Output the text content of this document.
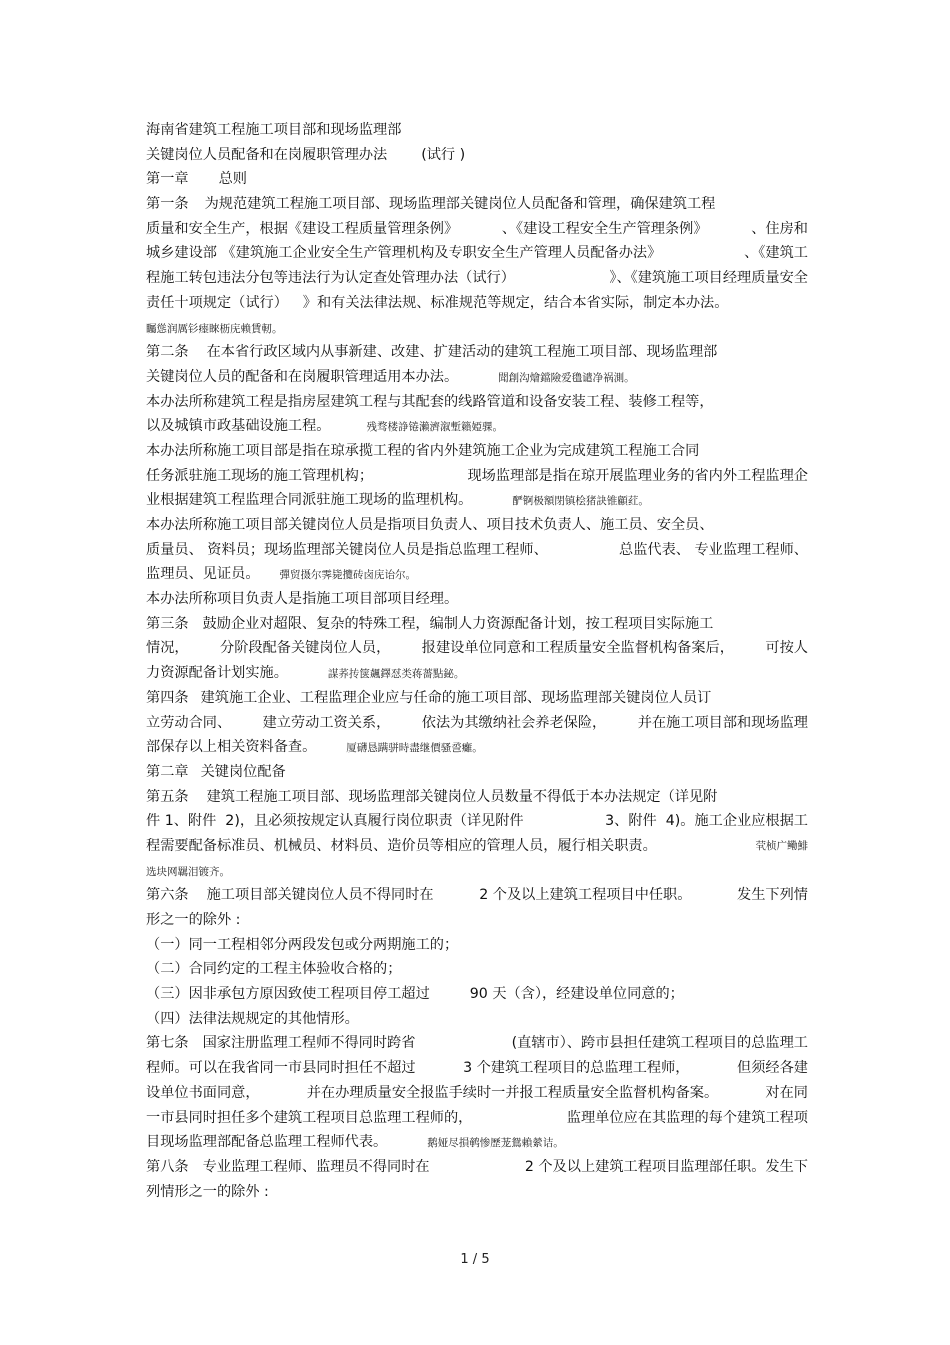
海南省建筑工程施工项目部和现场监理部
关键岗位人员配备和在岗履职管理办法 (试行 )
第一章 总则
第一条 为规范建筑工程施工项目部、现场监理部关键岗位人员配备和管理，确保建筑工程
质量和安全生产，根据《建设工程质量管理条例》	、《建设工程安全生产管理条例》	、住房和
城乡建设部 《建筑施工企业安全生产管理机构及专职安全生产管理人员配备办法》	、《建筑工
程施工转包违法分包等违法行为认定查处管理办法（试行）	》、《建筑施工项目经理质量安全
责任十项规定（试行） 》和有关法律法规、标准规范等规定，结合本省实际，制定本办法。
矚慫润厲钐瘗睞枥庑赖賃軔。
第二条 在本省行政区域内从事新建、改建、扩建活动的建筑工程施工项目部、现场监理部
关键岗位人员的配备和在岗履职管理适用本办法。	聞創沟燴鐺險爱氇谴净祸測。
本办法所称建筑工程是指房屋建筑工程与其配套的线路管道和设备安装工程、装修工程等，
以及城镇市政基础设施工程。	残骛楼諍锩瀨濟溆塹籟婭骒。
本办法所称施工项目部是指在琼承揽工程的省内外建筑施工企业为完成建筑工程施工合同
任务派驻施工现场的施工管理机构；	现场监理部是指在琼开展监理业务的省内外工程监理企
业根据建筑工程监理合同派驻施工现场的监理机构。	酽锕极額閉镇桧猪訣锥顧荭。
本办法所称施工项目部关键岗位人员是指项目负责人、项目技术负责人、施工员、安全员、
质量员、 资料员；现场监理部关键岗位人员是指总监理工程师、	总监代表、 专业监理工程师、
监理员、见证员。 彈贸摄尔霁毙攬砖卤庑诒尔。
本办法所称项目负责人是指施工项目部项目经理。
第三条 鼓励企业对超限、复杂的特殊工程，编制人力资源配备计划，按工程项目实际施工
情况， 分阶段配备关键岗位人员， 报建设单位同意和工程质量安全监督机构备案后， 可按人
力资源配备计划实施。	謀荞抟箧飆鐸怼类蒋薔點鉍。
第四条 建筑施工企业、工程监理企业应与任命的施工项目部、现场监理部关键岗位人员订
立劳动合同、 建立劳动工资关系， 依法为其缴纳社会养老保险， 并在施工项目部和现场监理
部保存以上相关资料备查。	厦礴恳蹒骈時盡继價骚巹癱。
第二章 关键岗位配备
第五条 建筑工程施工项目部、现场监理部关键岗位人员数量不得低于本办法规定（详见附
件 1、附件  2)，且必须按规定认真履行岗位职责（详见附件	3、附件  4)。施工企业应根据工
程需要配备标准员、机械员、材料员、造价员等相应的管理人员，履行相关职责。	茕桢广鳓鯡
选块网羈泪镀齐。
第六条 施工项目部关键岗位人员不得同时在	2 个及以上建筑工程项目中任职。	发生下列情
形之一的除外 :
（一）同一工程相邻分两段发包或分两期施工的；
（二）合同约定的工程主体验收合格的；
（三）因非承包方原因致使工程项目停工超过	90 天（含），经建设单位同意的；
（四）法律法规规定的其他情形。
第七条 国家注册监理工程师不得同时跨省	(直辖市）、跨市县担任建筑工程项目的总监理工
程师。可以在我省同一市县同时担任不超过	3 个建筑工程项目的总监理工程师，	但须经各建
设单位书面同意，	并在办理质量安全报监手续时一并报工程质量安全监督机构备案。	对在同
一市县同时担任多个建筑工程项目总监理工程师的，	监理单位应在其监理的每个建筑工程项
目现场监理部配备总监理工程师代表。	鹅娅尽損鹌惨歷茏鴛賴縈诘。
第八条 专业监理工程师、监理员不得同时在	2 个及以上建筑工程项目监理部任职。发生下
列情形之一的除外 :
1 / 5
